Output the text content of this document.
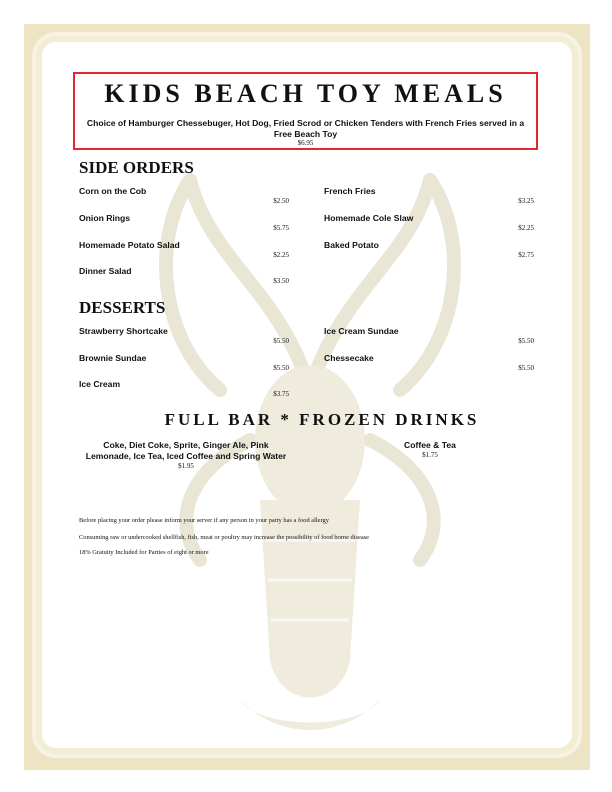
KIDS BEACH TOY MEALS
Choice of Hamburger Chessebuger, Hot Dog, Fried Scrod or Chicken Tenders with French Fries served in a Free Beach Toy
$6.95
SIDE ORDERS
Corn on the Cob
$2.50
French Fries
$3.25
Onion Rings
$5.75
Homemade Cole Slaw
$2.25
Homemade Potato Salad
$2.25
Baked Potato
$2.75
Dinner Salad
$3.50
DESSERTS
Strawberry Shortcake
$5.50
Ice Cream Sundae
$5.50
Brownie Sundae
$5.50
Chessecake
$5.50
Ice Cream
$3.75
FULL BAR * FROZEN DRINKS
Coke, Diet Coke, Sprite, Ginger Ale, Pink Lemonade, Ice Tea, Iced Coffee and Spring Water
$1.95
Coffee & Tea
$1.75
Before placing your order please inform your server if any person in your party has a food allergy
Consuming raw or undercooked shellfish, fish, meat or poultry may increase the possibility of food borne disease
18% Gratuity Included for Parties of eight or more
